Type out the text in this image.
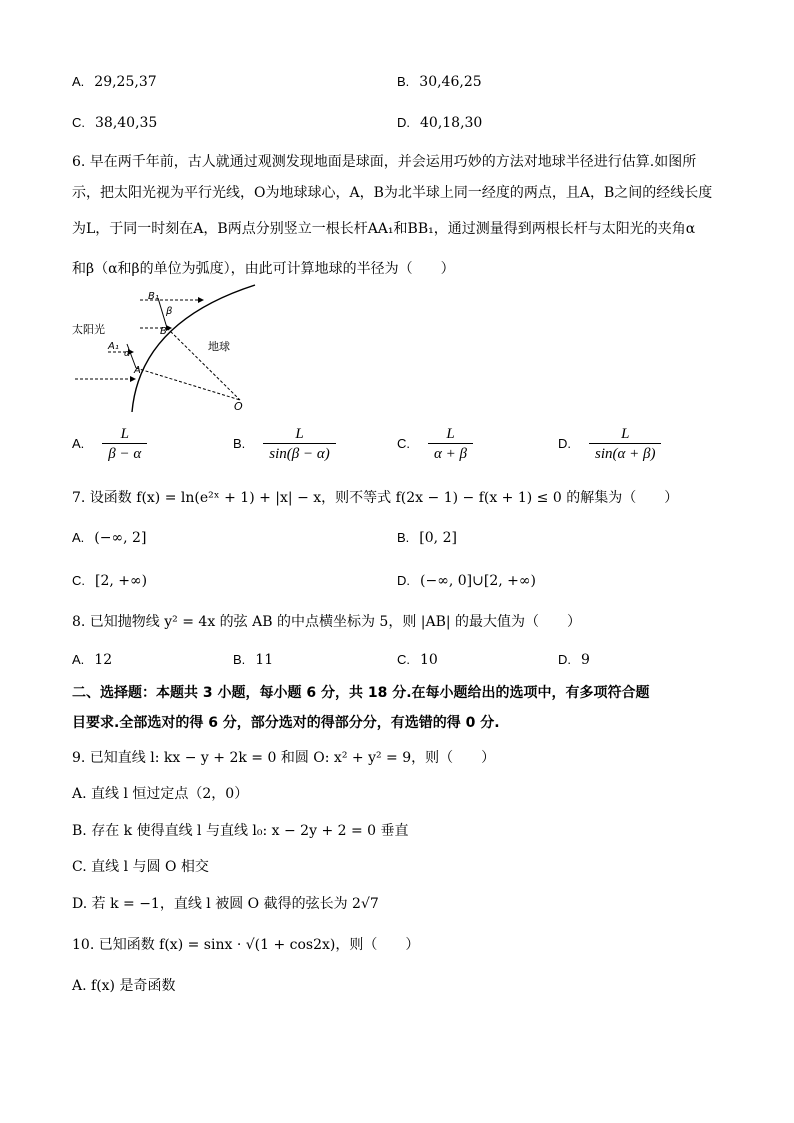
A. 29,25,37	B. 30,46,25
C. 38,40,35	D. 40,18,30
6. 早在两千年前，古人就通过观测发现地面是球面，并会运用巧妙的方法对地球半径进行估算.如图所
示，把太阳光视为平行光线，O为地球球心，A，B为北半球上同一经度的两点，且A，B之间的经线长度
为L，于同一时刻在A，B两点分别竖立一根长杆AA₁和BB₁，通过测量得到两根长杆与太阳光的夹角α
和β（α和β的单位为弧度），由此可计算地球的半径为（　　）
B₁
β
B
太阳光
地球
A₁
α
A
O
A. $\frac{L}{\beta - \alpha}$	B. $\frac{L}{\sin(\beta - \alpha)}$	C. $\frac{L}{\alpha + \beta}$	D. $\frac{L}{\sin(\alpha + \beta)}$
7. 设函数 f(x) = ln(e²ˣ + 1) + |x| − x，则不等式 f(2x − 1) − f(x + 1) ≤ 0 的解集为（　　）
A. (−∞, 2]	B. [0, 2]
C. [2, +∞)	D. (−∞, 0]∪[2, +∞)
8. 已知抛物线 y² = 4x 的弦 AB 的中点横坐标为 5，则 |AB| 的最大值为（　　）
A. 12	B. 11	C. 10	D. 9
二、选择题：本题共 3 小题，每小题 6 分，共 18 分.在每小题给出的选项中，有多项符合题
目要求.全部选对的得 6 分，部分选对的得部分分，有选错的得 0 分.
9. 已知直线 l: kx − y + 2k = 0 和圆 O: x² + y² = 9，则（　　）
A. 直线 l 恒过定点（2，0）
B. 存在 k 使得直线 l 与直线 l₀: x − 2y + 2 = 0 垂直
C. 直线 l 与圆 O 相交
D. 若 k = −1，直线 l 被圆 O 截得的弦长为 2√7
10. 已知函数 f(x) = sinx · √(1 + cos2x)，则（　　）
A. f(x) 是奇函数
